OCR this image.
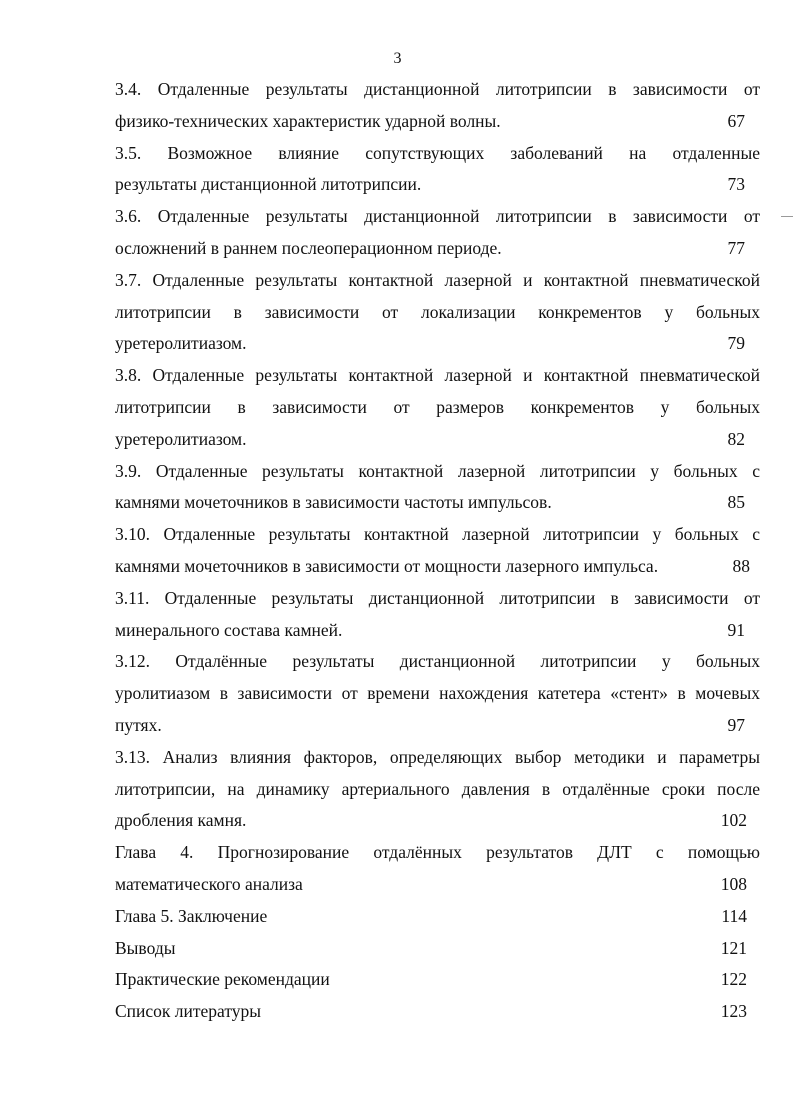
3
3.4. Отдаленные результаты дистанционной литотрипсии в зависимости от
физико-технических характеристик ударной волны.	67
3.5. Возможное влияние сопутствующих заболеваний на отдаленные
результаты дистанционной литотрипсии.	73
3.6. Отдаленные результаты дистанционной литотрипсии в зависимости от
осложнений в раннем послеоперационном периоде.	77
3.7. Отдаленные результаты контактной лазерной и контактной пневматической
литотрипсии в зависимости от локализации конкрементов у больных
уретеролитиазом.	79
3.8. Отдаленные результаты контактной лазерной и контактной пневматической
литотрипсии в зависимости от размеров конкрементов у больных
уретеролитиазом.	82
3.9. Отдаленные результаты контактной лазерной литотрипсии у больных с
камнями мочеточников в зависимости частоты импульсов.	85
3.10. Отдаленные результаты контактной лазерной литотрипсии у больных с
камнями мочеточников в зависимости от мощности лазерного импульса.	88
3.11. Отдаленные результаты дистанционной литотрипсии в зависимости от
минерального состава камней.	91
3.12. Отдалённые результаты дистанционной литотрипсии у больных
уролитиазом в зависимости от времени нахождения катетера «стент» в мочевых
путях.	97
3.13. Анализ влияния факторов, определяющих выбор методики и параметры
литотрипсии, на динамику артериального давления в отдалённые сроки после
дробления камня.	102
Глава 4. Прогнозирование отдалённых результатов ДЛТ с помощью
математического анализа	108
Глава 5. Заключение	114
Выводы	121
Практические рекомендации	122
Список литературы	123
